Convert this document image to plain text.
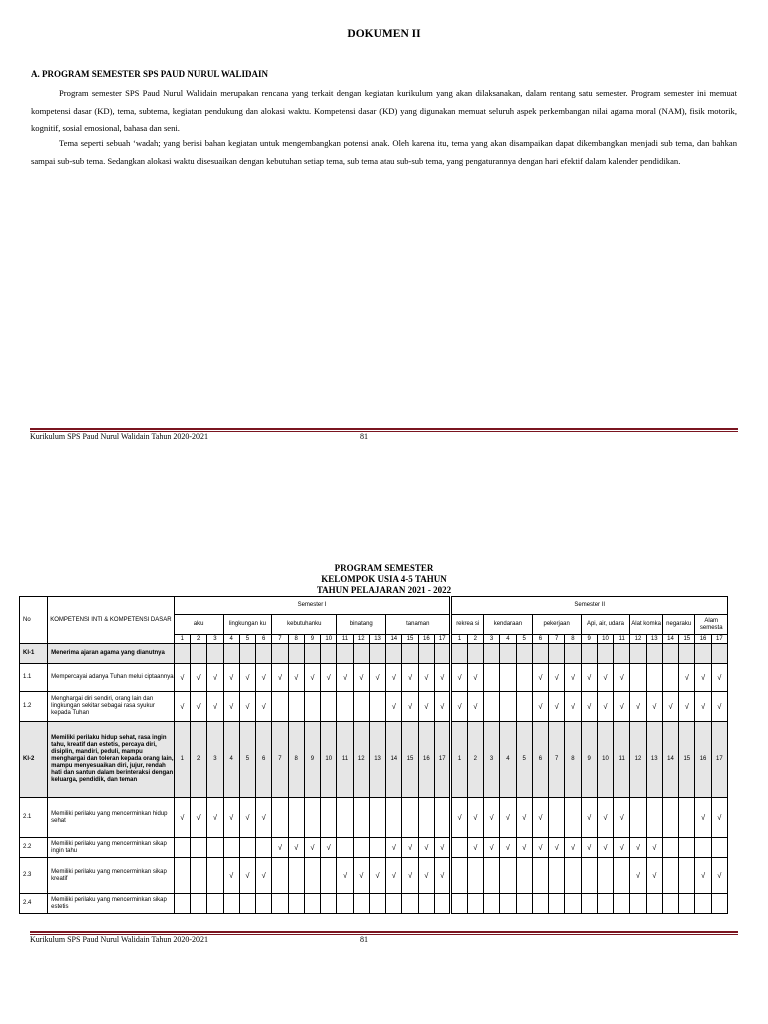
DOKUMEN II
A. PROGRAM SEMESTER SPS PAUD NURUL WALIDAIN

Program semester SPS Paud Nurul Walidain merupakan rencana yang terkait dengan kegiatan kurikulum yang akan dilaksanakan, dalam rentang satu semester. Program semester ini memuat kompetensi dasar (KD), tema, subtema, kegiatan pendukung dan alokasi waktu. Kompetensi dasar (KD) yang digunakan memuat seluruh aspek perkembangan nilai agama moral (NAM), fisik motorik, kognitif, sosial emosional, bahasa dan seni.

Tema seperti sebuah ‘wadah; yang berisi bahan kegiatan untuk mengembangkan potensi anak. Oleh karena itu, tema yang akan disampaikan dapat dikembangkan menjadi sub tema, dan bahkan sampai sub-sub tema. Sedangkan alokasi waktu disesuaikan dengan kebutuhan setiap tema, sub tema atau sub-sub tema, yang pengaturannya dengan hari efektif dalam kalender pendidikan.

Kurikulum SPS Paud Nurul Walidain Tahun 2020-2021	81
PROGRAM SEMESTER
KELOMPOK USIA 4-5 TAHUN
TAHUN PELAJARAN 2021 - 2022
No	KOMPETENSI INTI & KOMPETENSI DASAR	Semester I																	Semester II																
		aku			lingkungan ku			kebutuhanku				binatang			tanaman				rekrea si		kendaraan			pekerjaan			Api, air, udara			Alat komka		negaraku		Alam semesta	
		1	2	3	4	5	6	7	8	9	10	11	12	13	14	15	16	17	1	2	3	4	5	6	7	8	9	10	11	12	13	14	15	16	17
KI-1	Menerima ajaran agama yang dianutnya																																		
1.1	Mempercayai adanya Tuhan melui ciptaannya	√	√	√	√	√	√	√	√	√	√	√	√	√	√	√	√	√	√	√				√	√	√	√	√	√				√	√	√
1.2	Menghargai diri sendiri, orang lain dan lingkungan sekitar sebagai rasa syukur kepada Tuhan	√	√	√	√	√	√								√	√	√	√	√	√				√	√	√	√	√	√	√	√	√	√	√	√
KI-2	Memiliki perilaku hidup sehat, rasa ingin tahu, kreatif dan estetis, percaya diri, disiplin, mandiri, peduli, mampu menghargai dan toleran kepada orang lain, mampu menyesuaikan diri, jujur, rendah hati dan santun dalam berinteraksi dengan keluarga, pendidik, dan teman	1	2	3	4	5	6	7	8	9	10	11	12	13	14	15	16	17	1	2	3	4	5	6	7	8	9	10	11	12	13	14	15	16	17
2.1	Memiliki perilaku yang mencerminkan hidup sehat	√	√	√	√	√	√												√	√	√	√	√	√			√	√	√					√	√
2.2	Memiliki perilaku yang mencerminkan sikap ingin tahu							√	√	√	√				√	√	√	√		√	√	√	√	√	√	√	√	√	√	√	√				
2.3	Memiliki perilaku yang mencerminkan sikap kreatif				√	√	√					√	√	√	√	√	√	√												√	√			√	√
2.4	Memiliki perilaku yang mencerminkan sikap estetis																																		
Kurikulum SPS Paud Nurul Walidain Tahun 2020-2021	81
